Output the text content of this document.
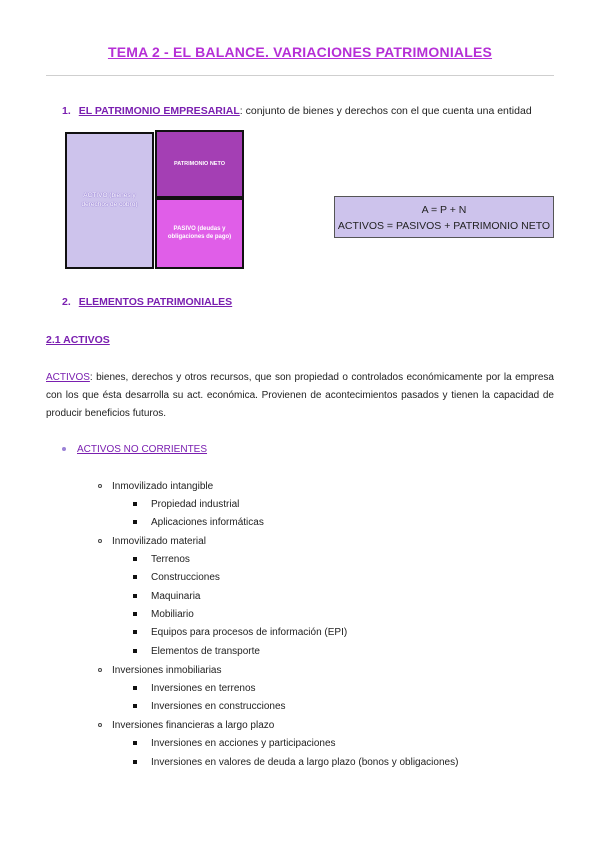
TEMA 2 - EL BALANCE. VARIACIONES PATRIMONIALES
1. EL PATRIMONIO EMPRESARIAL: conjunto de bienes y derechos con el que cuenta una entidad
ACTIVO (bienes y derechos de cobro)
PATRIMONIO NETO
PASIVO (deudas y obligaciones de pago)
A = P + N
ACTIVOS = PASIVOS + PATRIMONIO NETO
2. ELEMENTOS PATRIMONIALES
2.1 ACTIVOS
ACTIVOS: bienes, derechos y otros recursos, que son propiedad o controlados económicamente por la empresa con los que ésta desarrolla su act. económica. Provienen de acontecimientos pasados y tienen la capacidad de producir beneficios futuros.
ACTIVOS NO CORRIENTES
Inmovilizado intangible
Propiedad industrial
Aplicaciones informáticas
Inmovilizado material
Terrenos
Construcciones
Maquinaria
Mobiliario
Equipos para procesos de información (EPI)
Elementos de transporte
Inversiones inmobiliarias
Inversiones en terrenos
Inversiones en construcciones
Inversiones financieras a largo plazo
Inversiones en acciones y participaciones
Inversiones en valores de deuda a largo plazo (bonos y obligaciones)
